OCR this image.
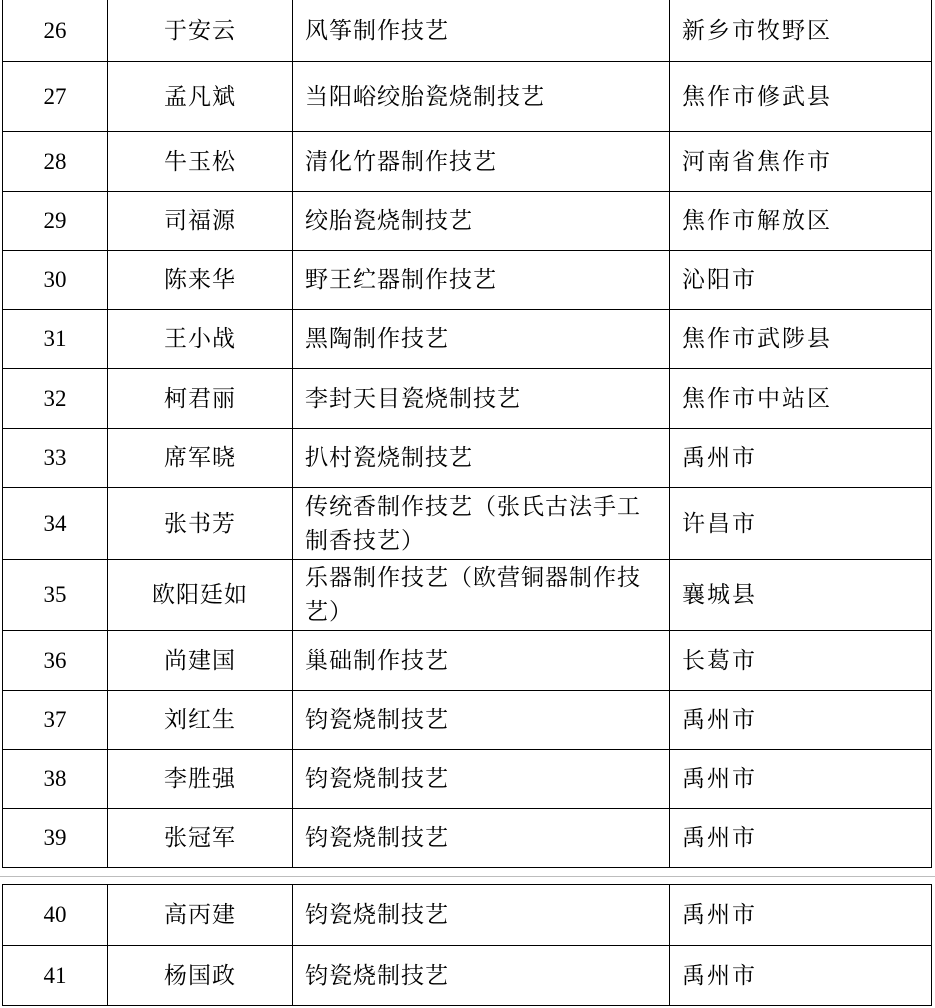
26	于安云	风筝制作技艺	新乡市牧野区
27	孟凡斌	当阳峪绞胎瓷烧制技艺	焦作市修武县
28	牛玉松	清化竹器制作技艺	河南省焦作市
29	司福源	绞胎瓷烧制技艺	焦作市解放区
30	陈来华	野王纻器制作技艺	沁阳市
31	王小战	黑陶制作技艺	焦作市武陟县
32	柯君丽	李封天目瓷烧制技艺	焦作市中站区
33	席军晓	扒村瓷烧制技艺	禹州市
34	张书芳	传统香制作技艺（张氏古法手工制香技艺）	许昌市
35	欧阳廷如	乐器制作技艺（欧营铜器制作技艺）	襄城县
36	尚建国	巢础制作技艺	长葛市
37	刘红生	钧瓷烧制技艺	禹州市
38	李胜强	钧瓷烧制技艺	禹州市
39	张冠军	钧瓷烧制技艺	禹州市
40	高丙建	钧瓷烧制技艺	禹州市
41	杨国政	钧瓷烧制技艺	禹州市
